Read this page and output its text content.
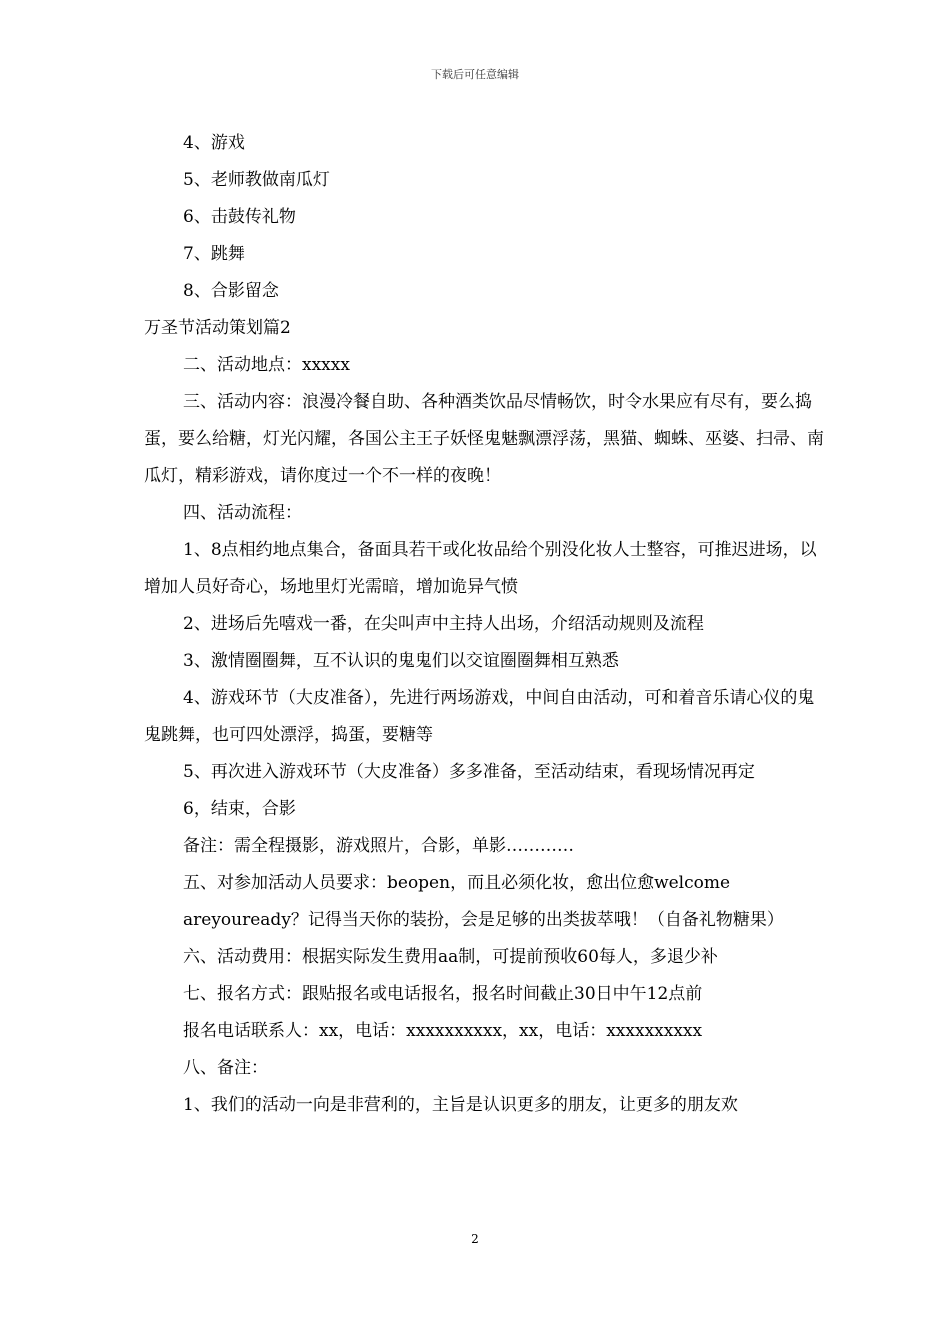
下载后可任意编辑

4、游戏

5、老师教做南瓜灯

6、击鼓传礼物

7、跳舞

8、合影留念

万圣节活动策划篇2

二、活动地点：xxxxx

三、活动内容：浪漫冷餐自助、各种酒类饮品尽情畅饮，时令水果应有尽有，要么捣蛋，要么给糖，灯光闪耀，各国公主王子妖怪鬼魅飘漂浮荡，黑猫、蜘蛛、巫婆、扫帚、南瓜灯，精彩游戏，请你度过一个不一样的夜晚！

四、活动流程：

1、8点相约地点集合，备面具若干或化妆品给个别没化妆人士整容，可推迟进场，以增加人员好奇心，场地里灯光需暗，增加诡异气愤

2、进场后先嘻戏一番，在尖叫声中主持人出场，介绍活动规则及流程

3、激情圈圈舞，互不认识的鬼鬼们以交谊圈圈舞相互熟悉

4、游戏环节（大皮准备），先进行两场游戏，中间自由活动，可和着音乐请心仪的鬼鬼跳舞，也可四处漂浮，捣蛋，要糖等

5、再次进入游戏环节（大皮准备）多多准备，至活动结束，看现场情况再定

6，结束，合影

备注：需全程摄影，游戏照片，合影，单影…………

五、对参加活动人员要求：beopen，而且必须化妆，愈出位愈welcome

areyouready？记得当天你的装扮，会是足够的出类拔萃哦！（自备礼物糖果）

六、活动费用：根据实际发生费用aa制，可提前预收60每人，多退少补

七、报名方式：跟贴报名或电话报名，报名时间截止30日中午12点前

报名电话联系人：xx，电话：xxxxxxxxxx，xx，电话：xxxxxxxxxx

八、备注：

1、我们的活动一向是非营利的，主旨是认识更多的朋友，让更多的朋友欢

2
